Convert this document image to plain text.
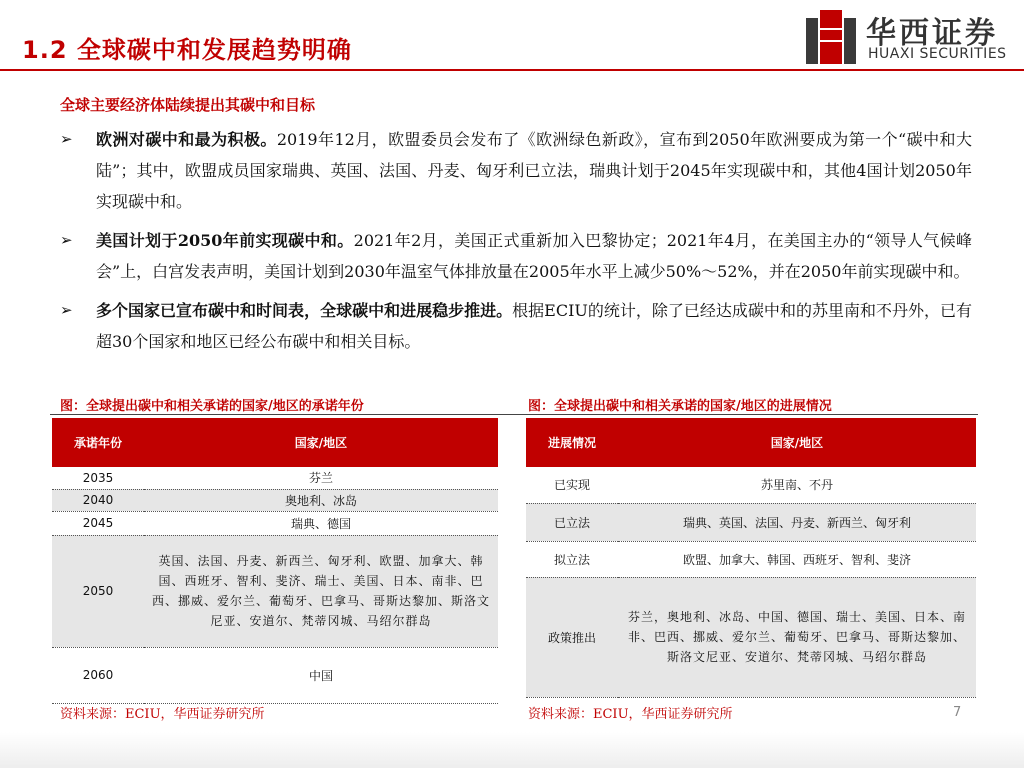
1.2 全球碳中和发展趋势明确	华西证券
HUAXI SECURITIES
全球主要经济体陆续提出其碳中和目标
➢ 欧洲对碳中和最为积极。2019年12月，欧盟委员会发布了《欧洲绿色新政》，宣布到2050年欧洲要成为第一个“碳中和大陆”；其中，欧盟成员国家瑞典、英国、法国、丹麦、匈牙利已立法，瑞典计划于2045年实现碳中和，其他4国计划2050年实现碳中和。
➢ 美国计划于2050年前实现碳中和。2021年2月，美国正式重新加入巴黎协定；2021年4月，在美国主办的“领导人气候峰会”上，白宫发表声明，美国计划到2030年温室气体排放量在2005年水平上减少50%～52%，并在2050年前实现碳中和。
➢ 多个国家已宣布碳中和时间表，全球碳中和进展稳步推进。根据ECIU的统计，除了已经达成碳中和的苏里南和不丹外，已有超30个国家和地区已经公布碳中和相关目标。
图：全球提出碳中和相关承诺的国家/地区的承诺年份	图：全球提出碳中和相关承诺的国家/地区的进展情况
承诺年份	国家/地区
2035	芬兰
2040	奥地利、冰岛
2045	瑞典、德国
2050	英国、法国、丹麦、新西兰、匈牙利、欧盟、加拿大、韩国、西班牙、智利、斐济、瑞士、美国、日本、南非、巴西、挪威、爱尔兰、葡萄牙、巴拿马、哥斯达黎加、斯洛文尼亚、安道尔、梵蒂冈城、马绍尔群岛
2060	中国
进展情况	国家/地区
已实现	苏里南、不丹
已立法	瑞典、英国、法国、丹麦、新西兰、匈牙利
拟立法	欧盟、加拿大、韩国、西班牙、智利、斐济
政策推出	芬兰，奥地利、冰岛、中国、德国、瑞士、美国、日本、南非、巴西、挪威、爱尔兰、葡萄牙、巴拿马、哥斯达黎加、斯洛文尼亚、安道尔、梵蒂冈城、马绍尔群岛
资料来源：ECIU，华西证券研究所	资料来源：ECIU，华西证券研究所	7
